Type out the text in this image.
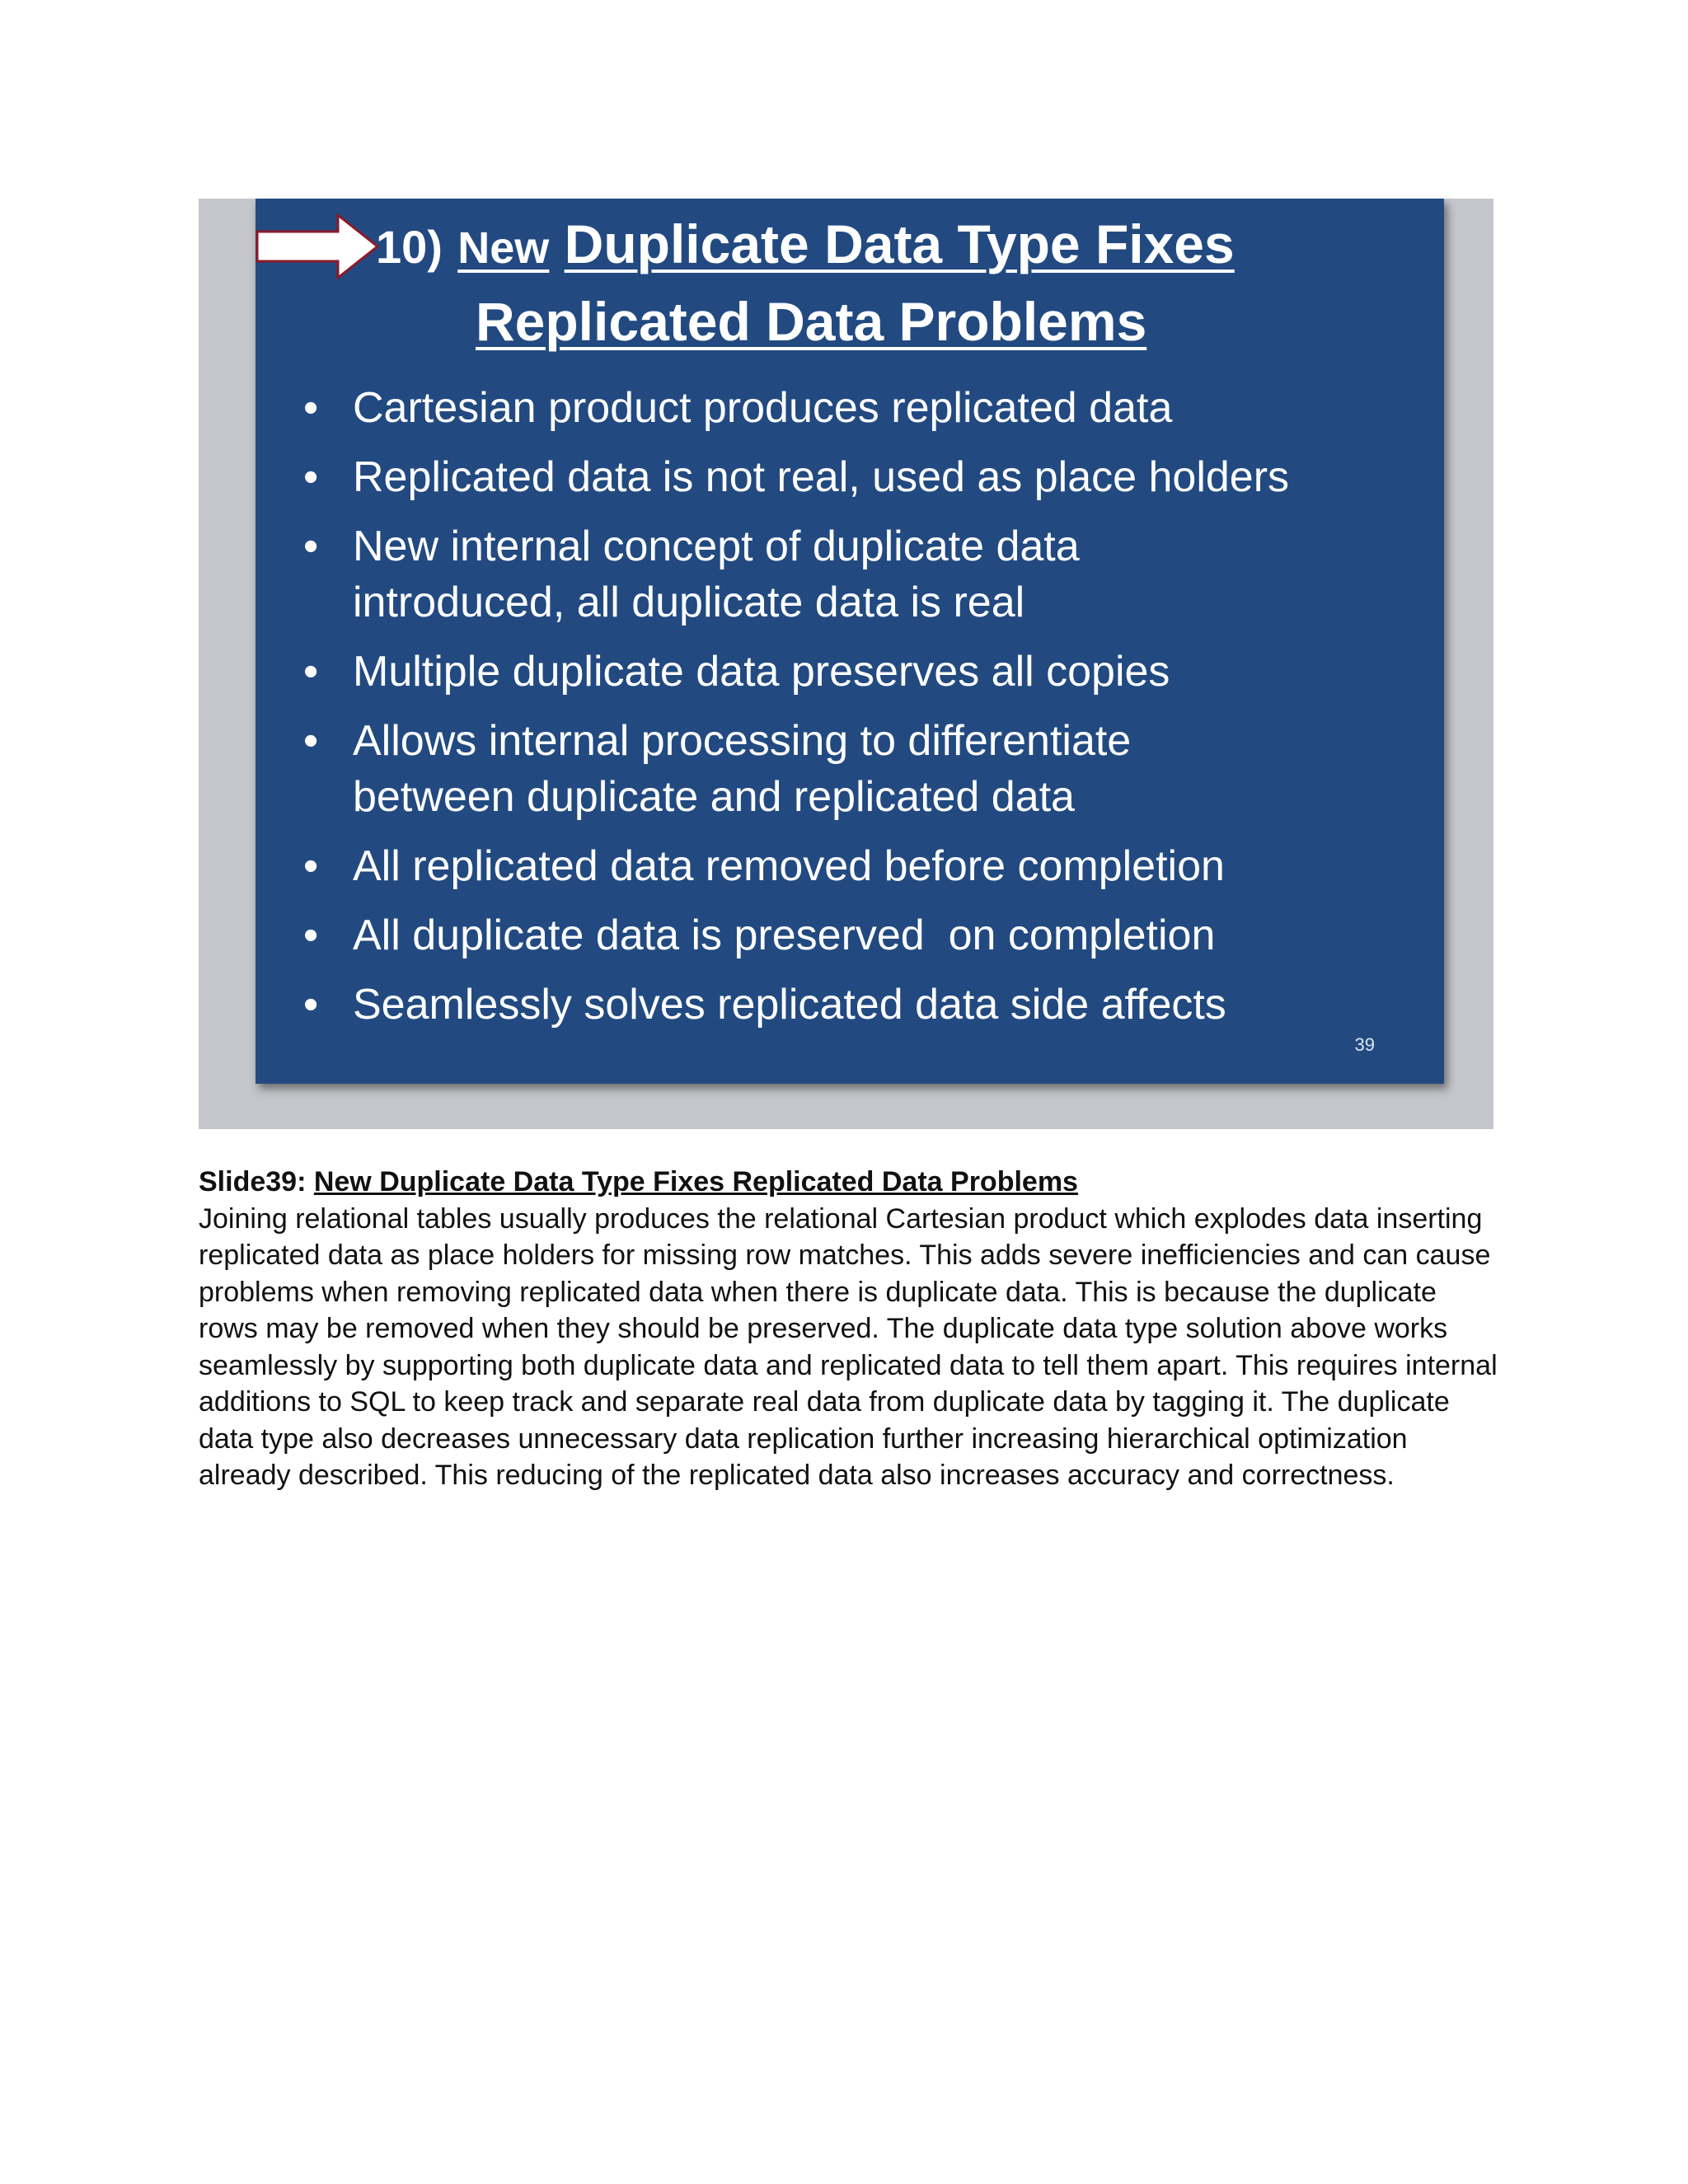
10) New Duplicate Data Type Fixes
Replicated Data Problems
• Cartesian product produces replicated data
• Replicated data is not real, used as place holders
• New internal concept of duplicate data introduced, all duplicate data is real
• Multiple duplicate data preserves all copies
• Allows internal processing to differentiate between duplicate and replicated data
• All replicated data removed before completion
• All duplicate data is preserved  on completion
• Seamlessly solves replicated data side affects
39
Slide39: New Duplicate Data Type Fixes Replicated Data Problems

Joining relational tables usually produces the relational Cartesian product which explodes data inserting replicated data as place holders for missing row matches. This adds severe inefficiencies and can cause problems when removing replicated data when there is duplicate data. This is because the duplicate rows may be removed when they should be preserved. The duplicate data type solution above works seamlessly by supporting both duplicate data and replicated data to tell them apart. This requires internal additions to SQL to keep track and separate real data from duplicate data by tagging it. The duplicate data type also decreases unnecessary data replication further increasing hierarchical optimization already described. This reducing of the replicated data also increases accuracy and correctness.
